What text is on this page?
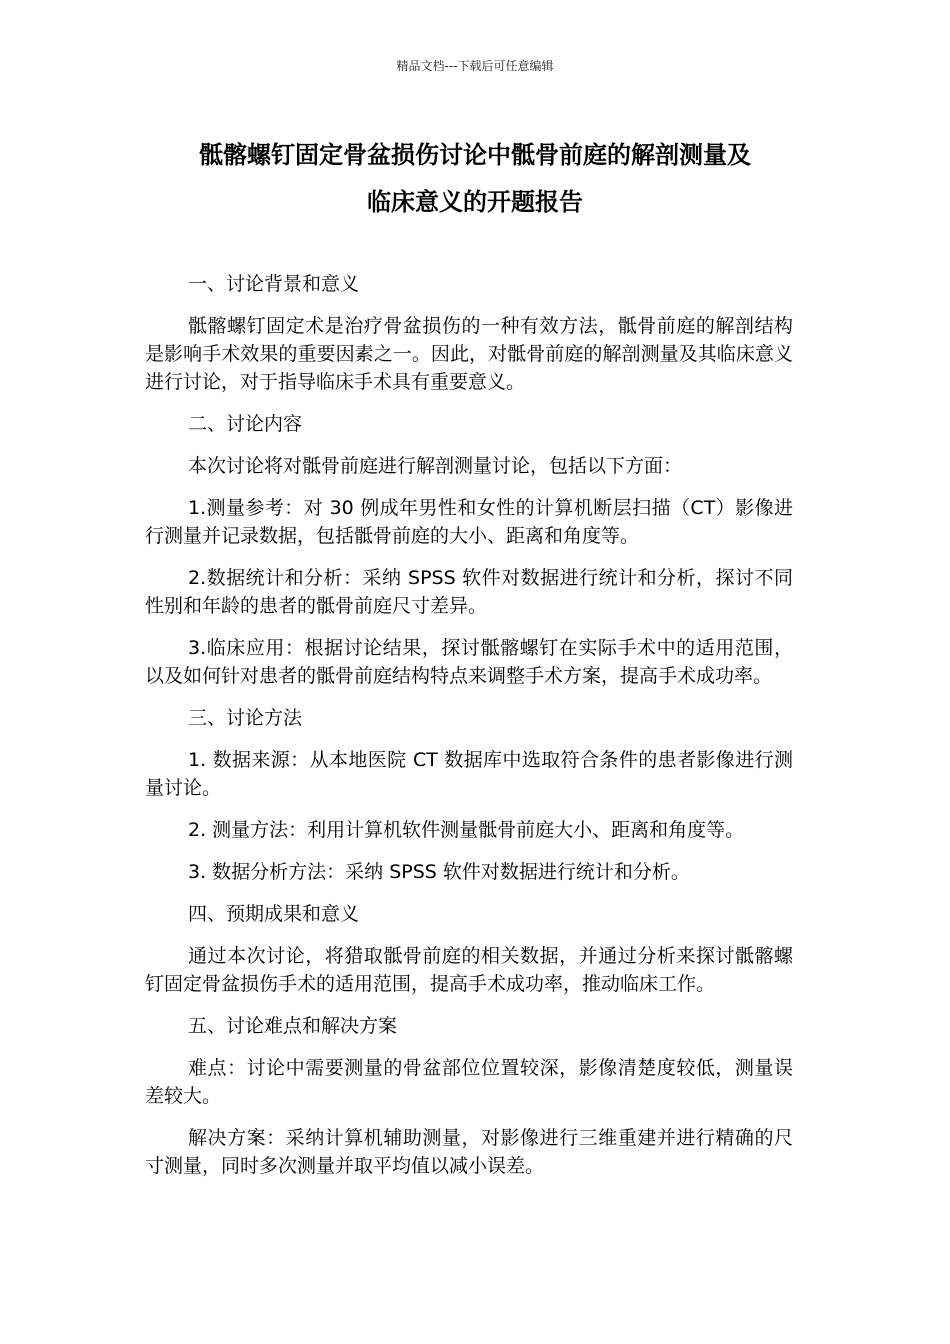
精品文档---下载后可任意编辑
骶髂螺钉固定骨盆损伤讨论中骶骨前庭的解剖测量及
临床意义的开题报告

一、讨论背景和意义

骶髂螺钉固定术是治疗骨盆损伤的一种有效方法，骶骨前庭的解剖结构是影响手术效果的重要因素之一。因此，对骶骨前庭的解剖测量及其临床意义进行讨论，对于指导临床手术具有重要意义。

二、讨论内容

本次讨论将对骶骨前庭进行解剖测量讨论，包括以下方面：

1.测量参考：对 30 例成年男性和女性的计算机断层扫描（CT）影像进行测量并记录数据，包括骶骨前庭的大小、距离和角度等。

2.数据统计和分析：采纳 SPSS 软件对数据进行统计和分析，探讨不同性别和年龄的患者的骶骨前庭尺寸差异。

3.临床应用：根据讨论结果，探讨骶髂螺钉在实际手术中的适用范围，以及如何针对患者的骶骨前庭结构特点来调整手术方案，提高手术成功率。

三、讨论方法

1. 数据来源：从本地医院 CT 数据库中选取符合条件的患者影像进行测量讨论。

2. 测量方法：利用计算机软件测量骶骨前庭大小、距离和角度等。

3. 数据分析方法：采纳 SPSS 软件对数据进行统计和分析。

四、预期成果和意义

通过本次讨论，将猎取骶骨前庭的相关数据，并通过分析来探讨骶髂螺钉固定骨盆损伤手术的适用范围，提高手术成功率，推动临床工作。

五、讨论难点和解决方案

难点：讨论中需要测量的骨盆部位位置较深，影像清楚度较低，测量误差较大。

解决方案：采纳计算机辅助测量，对影像进行三维重建并进行精确的尺寸测量，同时多次测量并取平均值以减小误差。
